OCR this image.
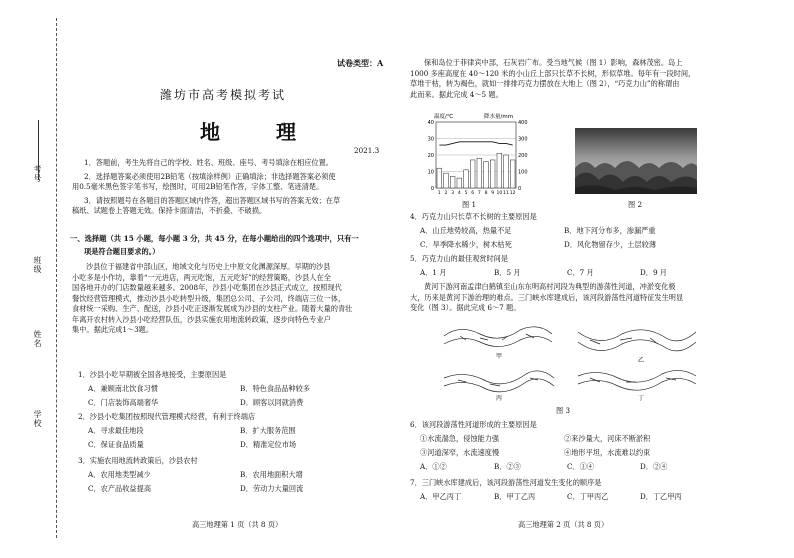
考号
班级
姓名
学校
试卷类型：A
潍坊市高考模拟考试
地　理
2021.3
1．答题前，考生先将自己的学校、姓名、班级、座号、考号填涂在相应位置。
2．选择题答案必须使用2B铅笔（按填涂样例）正确填涂；非选择题答案必须使
用0.5毫米黑色签字笔书写，绘图时，可用2B铅笔作答，字体工整、笔迹清楚。
3．请按照题号在各题目的答题区域内作答，超出答题区域书写的答案无效；在草
稿纸、试题卷上答题无效。保持卡面清洁，不折叠、不破损。
一、选择题（共 15 小题，每小题 3 分，共 45 分，在每小题给出的四个选项中，只有一
项是符合题目要求的。）
沙县位于福建省中部山区，地域文化与历史上中原文化渊源深厚。早期的沙县
小吃多是小作坊，靠着“一元进店，两元吃饱，五元吃好”的经营策略，沙县人在全
国各地开办的门店数量越来越多。2008年，沙县小吃集团在沙县正式成立，按照现代
餐饮经营管理模式，推动沙县小吃转型升级，集团总公司、子公司，终端店三位一体，
食材统一采购、生产、配送，沙县小吃正逐渐发展成为沙县的支柱产业。随着大量的青壮
年离开农村转入沙县小吃经营队伍，沙县实施农用地流转政策，逐步向特色专业户
集中。据此完成1～3题。
1．沙县小吃早期被全国各地接受，主要原因是
A．兼顾南北饮食习惯	B．特色食品品种较多
C．门店装饰高端奢华	D．顾客以同就消费
2．沙县小吃集团按照现代管理模式经营，有利于终端店
A．寻求最佳地段	B．扩大服务范围
C．保证食品质量	D．精准定位市场
3．实施农用地流转政策后，沙县农村
A．农用地类型减少	B．农用地面积大增
C．农产品收益提高	D．劳动力大量回流
高三地理第 1 页（共 8 页）
保和岛位于菲律宾中部，石灰岩广布。受当地气候（图 1）影响，森林茂密。岛上
1000 多座高度在 40～120 米的小山丘上部只长草不长树，形似草堆。每年有一段时间，
草堆干枯，转为褐色，就如一排排巧克力摆放在大地上（图 2），“巧克力山”的称谓由
此而来。据此完成 4～5 题。
温度/℃	降水量/mm
40
30
20
10
0
400
300
200
100
0
1 2 3 4 5 6 7 8 9 10 11 12
图 1	图 2
4．巧克力山只长草不长树的主要原因是
A．山丘地势较高，热量不足	B．地下河分布多，渗漏严重
C．旱季降水稀少，树木枯死	D．风化物留存少，土层较薄
5．巧克力山的最佳观赏时间是
A．1 月	B．5 月	C．7 月	D．9 月
黄河下游河南孟津白鹤镇至山东东明高村河段为典型的游荡性河道，冲淤变化极
大，历来是黄河下游治理的难点。三门峡水库建成后，该河段游荡性河道特征发生明显
变化（图 3）。据此完成 6～7 题。
甲
乙
丙	丁
图 3
6．该河段游荡性河道形成的主要原因是
①水流湍急，侵蚀能力强	②来沙量大，河床不断淤积
③河道深窄，水流速度慢	④地形平坦，水流难以约束
A．①②	B．②③	C．①④	D．②④
7．三门峡水库建成后，该河段游荡性河道发生变化的顺序是
A．甲乙丙丁	B．甲丁乙丙	C．丁甲丙乙	D．丁乙甲丙
高三地理第 2 页（共 8 页）
